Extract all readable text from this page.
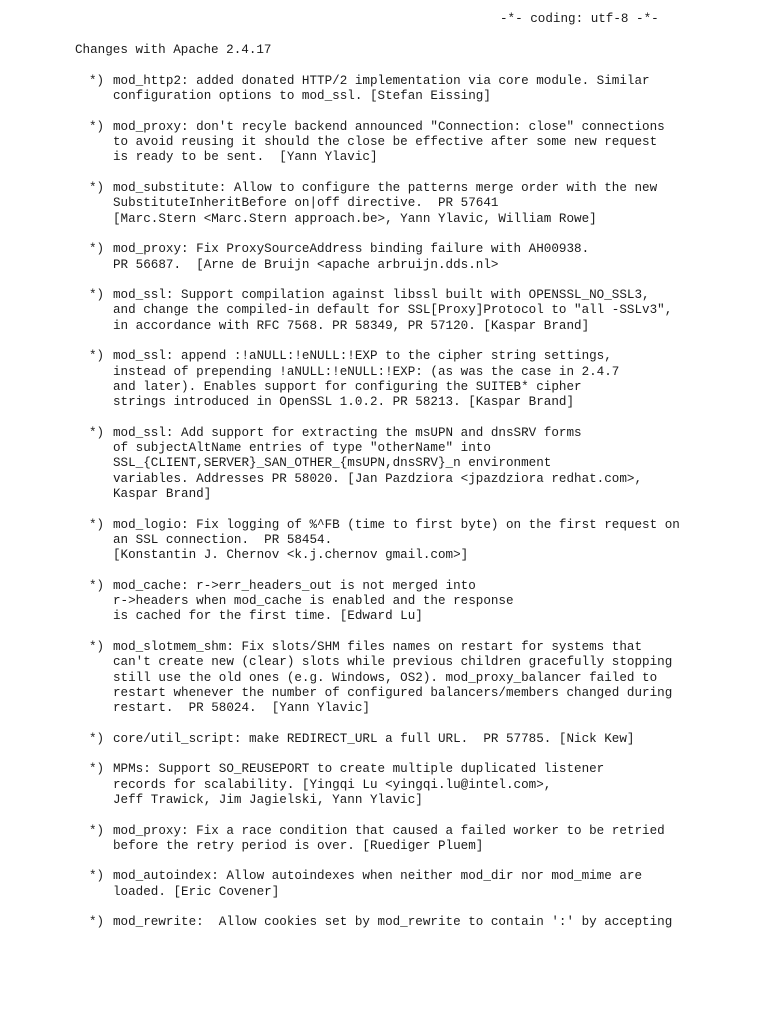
-*- coding: utf-8 -*-
Changes with Apache 2.4.17
*) mod_http2: added donated HTTP/2 implementation via core module. Similar
configuration options to mod_ssl. [Stefan Eissing]
*) mod_proxy: don't recyle backend announced "Connection: close" connections
to avoid reusing it should the close be effective after some new request
is ready to be sent.  [Yann Ylavic]
*) mod_substitute: Allow to configure the patterns merge order with the new
SubstituteInheritBefore on|off directive.  PR 57641
[Marc.Stern <Marc.Stern approach.be>, Yann Ylavic, William Rowe]
*) mod_proxy: Fix ProxySourceAddress binding failure with AH00938.
PR 56687.  [Arne de Bruijn <apache arbruijn.dds.nl>
*) mod_ssl: Support compilation against libssl built with OPENSSL_NO_SSL3,
and change the compiled-in default for SSL[Proxy]Protocol to "all -SSLv3",
in accordance with RFC 7568. PR 58349, PR 57120. [Kaspar Brand]
*) mod_ssl: append :!aNULL:!eNULL:!EXP to the cipher string settings,
instead of prepending !aNULL:!eNULL:!EXP: (as was the case in 2.4.7
and later). Enables support for configuring the SUITEB* cipher
strings introduced in OpenSSL 1.0.2. PR 58213. [Kaspar Brand]
*) mod_ssl: Add support for extracting the msUPN and dnsSRV forms
of subjectAltName entries of type "otherName" into
SSL_{CLIENT,SERVER}_SAN_OTHER_{msUPN,dnsSRV}_n environment
variables. Addresses PR 58020. [Jan Pazdziora <jpazdziora redhat.com>,
Kaspar Brand]
*) mod_logio: Fix logging of %^FB (time to first byte) on the first request on
an SSL connection.  PR 58454.
[Konstantin J. Chernov <k.j.chernov gmail.com>]
*) mod_cache: r->err_headers_out is not merged into
r->headers when mod_cache is enabled and the response
is cached for the first time. [Edward Lu]
*) mod_slotmem_shm: Fix slots/SHM files names on restart for systems that
can't create new (clear) slots while previous children gracefully stopping
still use the old ones (e.g. Windows, OS2). mod_proxy_balancer failed to
restart whenever the number of configured balancers/members changed during
restart.  PR 58024.  [Yann Ylavic]
*) core/util_script: make REDIRECT_URL a full URL.  PR 57785. [Nick Kew]
*) MPMs: Support SO_REUSEPORT to create multiple duplicated listener
records for scalability. [Yingqi Lu <yingqi.lu@intel.com>,
Jeff Trawick, Jim Jagielski, Yann Ylavic]
*) mod_proxy: Fix a race condition that caused a failed worker to be retried
before the retry period is over. [Ruediger Pluem]
*) mod_autoindex: Allow autoindexes when neither mod_dir nor mod_mime are
loaded. [Eric Covener]
*) mod_rewrite:  Allow cookies set by mod_rewrite to contain ':' by accepting
